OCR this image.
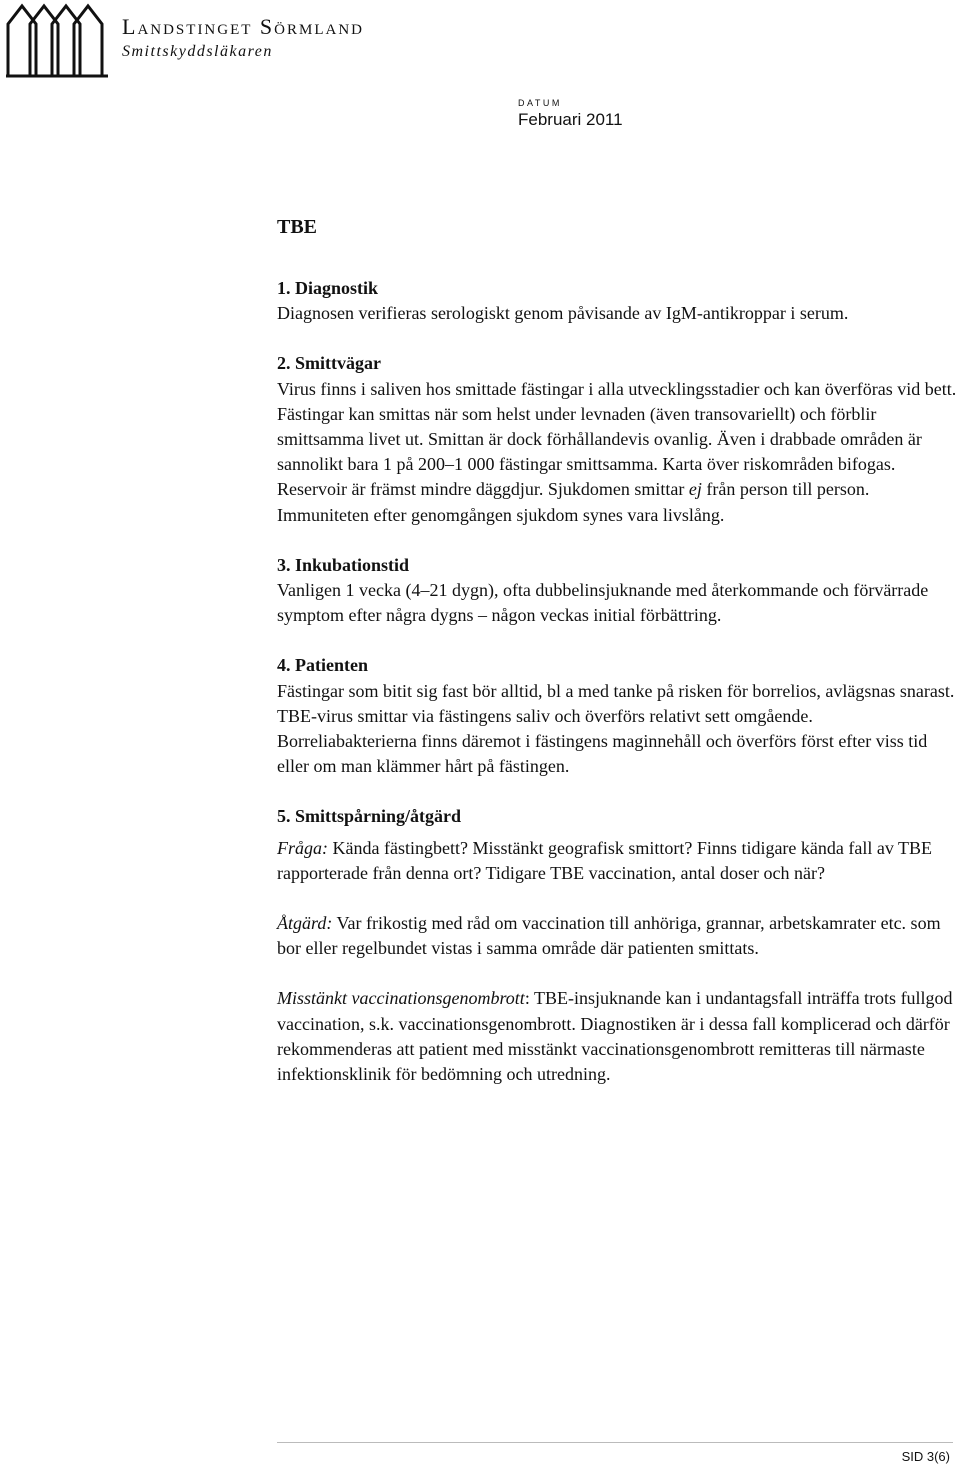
Landstinget Sörmland
Smittskyddsläkaren
DATUM
Februari 2011
TBE
1. Diagnostik

Diagnosen verifieras serologiskt genom påvisande av IgM-antikroppar i serum.

2. Smittvägar

Virus finns i saliven hos smittade fästingar i alla utvecklingsstadier och kan överföras vid bett. Fästingar kan smittas när som helst under levnaden (även transovariellt) och förblir smittsamma livet ut. Smittan är dock förhållandevis ovanlig. Även i drabbade områden är sannolikt bara 1 på 200–1 000 fästingar smittsamma. Karta över riskområden bifogas. Reservoir är främst mindre däggdjur. Sjukdomen smittar ej från person till person. Immuniteten efter genomgången sjukdom synes vara livslång.

3. Inkubationstid

Vanligen 1 vecka (4–21 dygn), ofta dubbelinsjuknande med återkommande och förvärrade symptom efter några dygns – någon veckas initial förbättring.

4. Patienten

Fästingar som bitit sig fast bör alltid, bl a med tanke på risken för borrelios, avlägsnas snarast. TBE-virus smittar via fästingens saliv och överförs relativt sett omgående. Borreliabakterierna finns däremot i fästingens maginnehåll och överförs först efter viss tid eller om man klämmer hårt på fästingen.

5. Smittspårning/åtgärd

Fråga: Kända fästingbett? Misstänkt geografisk smittort? Finns tidigare kända fall av TBE rapporterade från denna ort? Tidigare TBE vaccination, antal doser och när?

Åtgärd: Var frikostig med råd om vaccination till anhöriga, grannar, arbetskamrater etc. som bor eller regelbundet vistas i samma område där patienten smittats.

Misstänkt vaccinationsgenombrott: TBE-insjuknande kan i undantagsfall inträffa trots fullgod vaccination, s.k. vaccinationsgenombrott. Diagnostiken är i dessa fall komplicerad och därför rekommenderas att patient med misstänkt vaccinationsgenombrott remitteras till närmaste infektionsklinik för bedömning och utredning.

SID 3(6)
